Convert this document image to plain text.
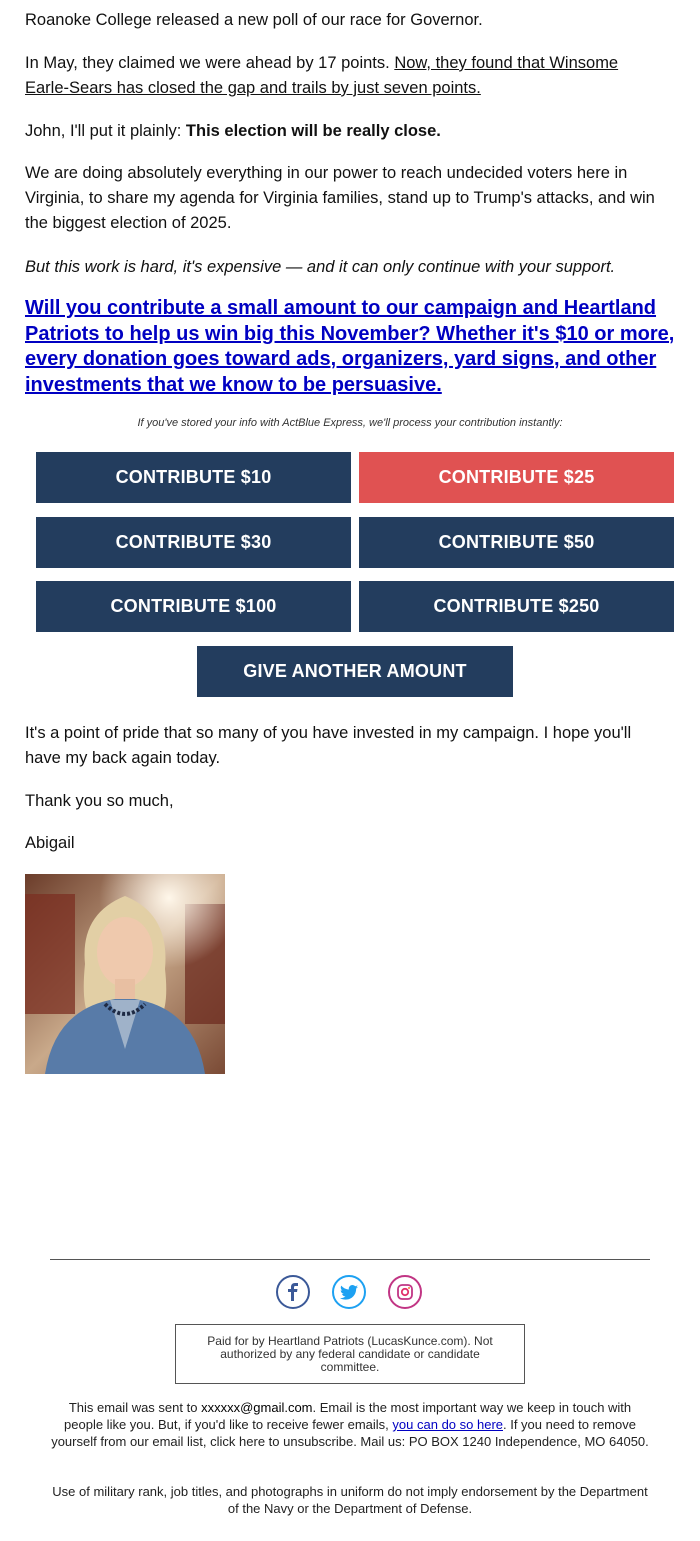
Roanoke College released a new poll of our race for Governor.

In May, they claimed we were ahead by 17 points. Now, they found that Winsome Earle-Sears has closed the gap and trails by just seven points.

John, I'll put it plainly: This election will be really close.

We are doing absolutely everything in our power to reach undecided voters here in Virginia, to share my agenda for Virginia families, stand up to Trump's attacks, and win the biggest election of 2025.

But this work is hard, it's expensive — and it can only continue with your support.

Will you contribute a small amount to our campaign and Heartland Patriots to help us win big this November? Whether it's $10 or more, every donation goes toward ads, organizers, yard signs, and other investments that we know to be persuasive.
If you've stored your info with ActBlue Express, we'll process your contribution instantly:
CONTRIBUTE $10	CONTRIBUTE $25
CONTRIBUTE $30	CONTRIBUTE $50
CONTRIBUTE $100	CONTRIBUTE $250
GIVE ANOTHER AMOUNT

It's a point of pride that so many of you have invested in my campaign. I hope you'll have my back again today.

Thank you so much,

Abigail

Paid for by Heartland Patriots (LucasKunce.com). Not authorized by any federal candidate or candidate committee.
This email was sent to xxxxxx@gmail.com. Email is the most important way we keep in touch with people like you. But, if you'd like to receive fewer emails, you can do so here. If you need to remove yourself from our email list, click here to unsubscribe. Mail us: PO BOX 1240 Independence, MO 64050.
Use of military rank, job titles, and photographs in uniform do not imply endorsement by the Department of the Navy or the Department of Defense.
